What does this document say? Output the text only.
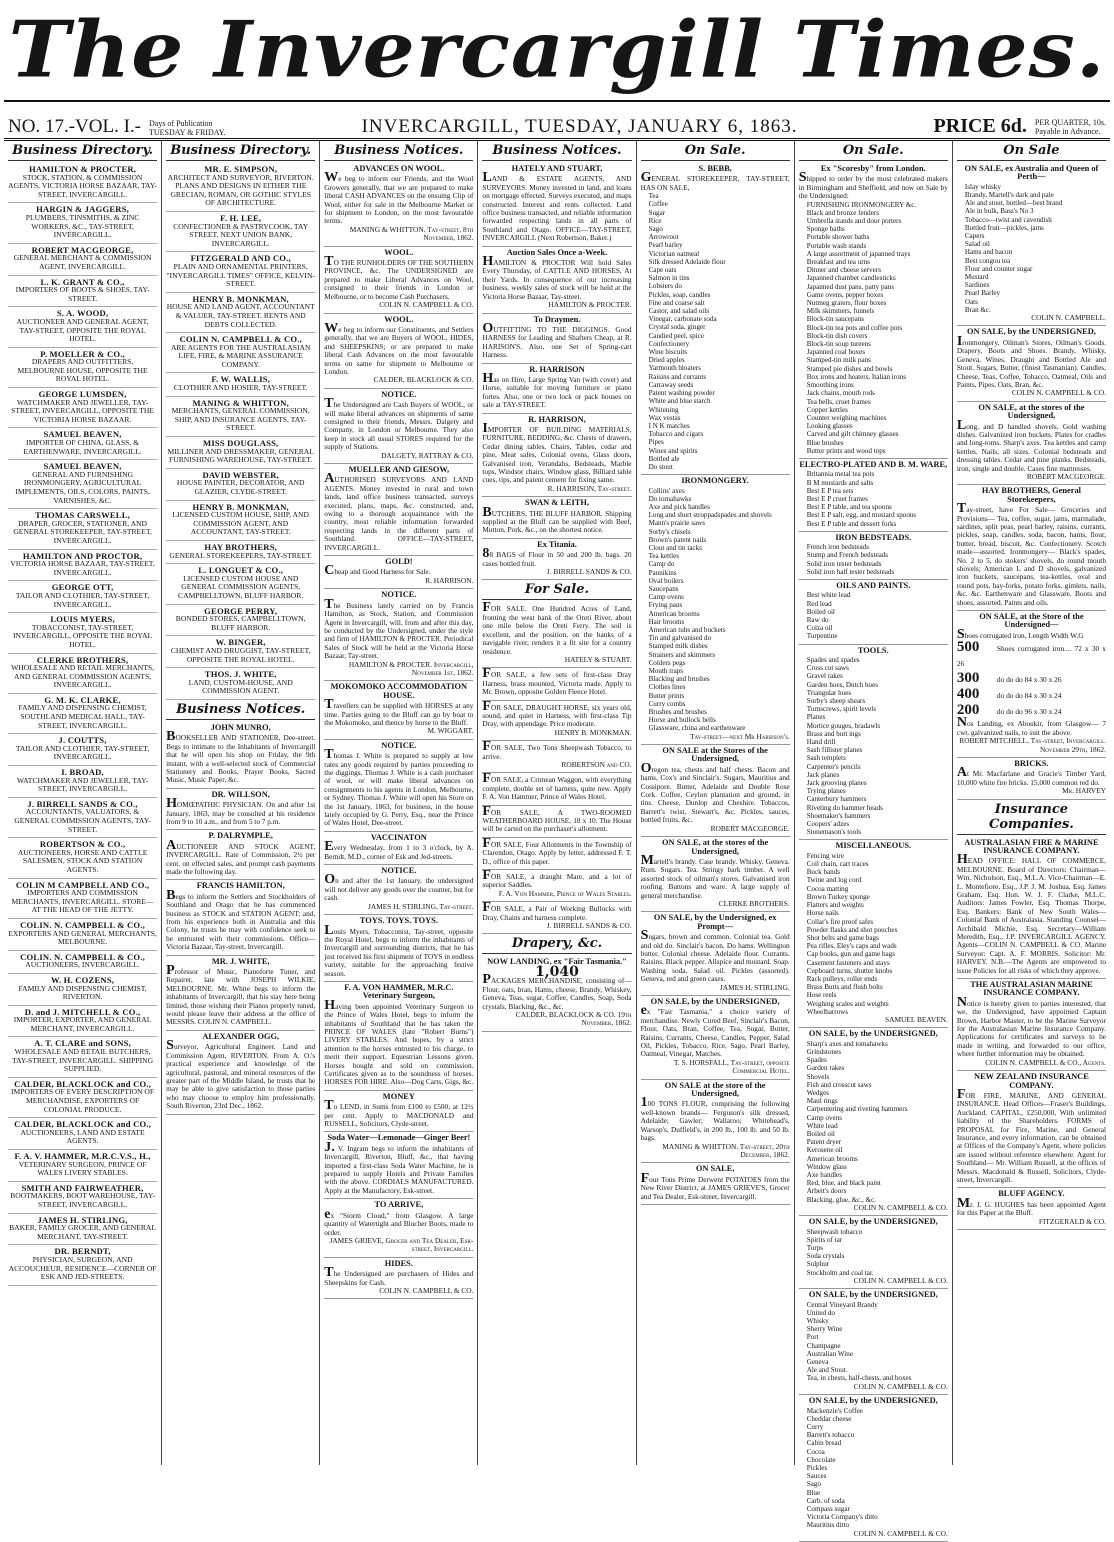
The Invercargill Times.
NO. 17.-VOL. I.- Days of Publication
TUESDAY & FRIDAY.	INVERCARGILL, TUESDAY, JANUARY 6, 1863.	PRICE 6d. PER QUARTER, 10s.
Payable in Advance.
Business Directory.
HAMILTON & PROCTER,
STOCK, STATION, & COMMISSION AGENTS, VICTORIA HORSE BAZAAR, TAY-STREET, INVERCARGILL.
HARGIN & JAGGERS,
PLUMBERS, TINSMITHS, & ZINC WORKERS, &C., TAY-STREET, INVERCARGILL.
ROBERT MACGEORGE,
GENERAL MERCHANT & COMMISSION AGENT, INVERCARGILL.
L. K. GRANT & CO.,
IMPORTERS OF BOOTS & SHOES, TAY-STREET.
S. A. WOOD,
AUCTIONEER AND GENERAL AGENT, TAY-STREET, OPPOSITE THE ROYAL HOTEL.
P. MOELLER & CO.,
DRAPERS AND OUTFITTERS, MELBOURNE HOUSE, OPPOSITE THE ROYAL HOTEL.
GEORGE LUMSDEN,
WATCHMAKER AND JEWELLER, TAY-STREET, INVERCARGILL, OPPOSITE THE VICTORIA HORSE BAZAAR.
SAMUEL BEAVEN,
IMPORTER OF CHINA, GLASS, & EARTHENWARE, INVERCARGILL.
SAMUEL BEAVEN,
GENERAL AND FURNISHING IRONMONGERY, AGRICULTURAL IMPLEMENTS, OILS, COLORS, PAINTS, VARNISHES, &C.
THOMAS CARSWELL,
DRAPER, GROCER, STATIONER, AND GENERAL STOREKEEPER, TAY-STREET, INVERCARGILL.
HAMILTON AND PROCTOR,
VICTORIA HORSE BAZAAR, TAY-STREET, INVERCARGILL.
GEORGE OTT,
TAILOR AND CLOTHIER, TAY-STREET, INVERCARGILL.
LOUIS MYERS,
TOBACCONIST, TAY-STREET, INVERCARGILL, OPPOSITE THE ROYAL HOTEL.
CLERKE BROTHERS,
WHOLESALE AND RETAIL MERCHANTS, AND GENERAL COMMISSION AGENTS, INVERCARGILL.
G. M. K. CLARKE,
FAMILY AND DISPENSING CHEMIST, SOUTHLAND MEDICAL HALL, TAY-STREET, INVERCARGILL.
J. COUTTS,
TAILOR AND CLOTHIER, TAY-STREET, INVERCARGILL.
I. BROAD,
WATCHMAKER AND JEWELLER, TAY-STREET, INVERCARGILL.
J. BIRRELL SANDS & CO.,
ACCOUNTANTS, VALUATORS, & GENERAL COMMISSION AGENTS, TAY-STREET.
ROBERTSON & CO.,
AUCTIONEERS, HORSE AND CATTLE SALESMEN, STOCK AND STATION AGENTS.
COLIN M CAMPBELL AND CO.,
IMPORTERS AND COMMISSION MERCHANTS, INVERCARGILL. STORE—AT THE HEAD OF THE JETTY.
COLIN. N. CAMPBELL & CO.,
EXPORTERS AND GENERAL MERCHANTS, MELBOURNE.
COLIN. N. CAMPBELL & CO.,
AUCTIONEERS, INVERCARGILL.
W. H. COZENS,
FAMILY AND DISPENSING CHEMIST, RIVERTON.
D. and J. MITCHELL & CO.,
IMPORTER, EXPORTER, AND GENERAL MERCHANT, INVERCARGILL.
A. T. CLARE and SONS,
WHOLESALE AND RETAIL BUTCHERS, TAY-STREET, INVERCARGILL. SHIPPING SUPPLIED.
CALDER, BLACKLOCK and CO.,
IMPORTERS OF EVERY DESCRIPTION OF MERCHANDISE, EXPORTERS OF COLONIAL PRODUCE.
CALDER, BLACKLOCK and CO.,
AUCTIONEERS, LAND AND ESTATE AGENTS.
F. A. V. HAMMER, M.R.C.V.S., H.,
VETERINARY SURGEON, PRINCE OF WALES LIVERY STABLES.
SMITH AND FAIRWEATHER,
BOOTMAKERS, BOOT WAREHOUSE, TAY-STREET, INVERCARGILL.
JAMES H. STIRLING,
BAKER, FAMILY GROCER, AND GENERAL MERCHANT, TAY-STREET.
DR. BERNDT,
PHYSICIAN, SURGEON, AND ACCOUCHEUR, RESIDENCE—CORNER OF ESK AND JED-STREETS.
Business Directory.
MR. E. SIMPSON,
ARCHITECT AND SURVEYOR, RIVERTON. PLANS AND DESIGNS IN EITHER THE GRECIAN, ROMAN, OR GOTHIC STYLES OF ARCHITECTURE.
F. H. LEE,
CONFECTIONER & PASTRYCOOK, TAY STREET, NEXT UNION BANK, INVERCARGILL.
FITZGERALD AND CO.,
PLAIN AND ORNAMENTAL PRINTERS, "INVERCARGILL TIMES" OFFICE, KELVIN-STREET.
HENRY B. MONKMAN,
HOUSE AND LAND AGENT, ACCOUNTANT & VALUER, TAY-STREET. RENTS AND DEBTS COLLECTED.
COLIN N. CAMPBELL & CO.,
ARE AGENTS FOR THE AUSTRALASIAN LIFE, FIRE, & MARINE ASSURANCE COMPANY.
F. W. WALLIS,
CLOTHIER AND HOSIER, TAY-STREET.
MANING & WHITTON,
MERCHANTS, GENERAL COMMISSION, SHIP, AND INSURANCE AGENTS, TAY-STREET.
MISS DOUGLASS,
MILLINER AND DRESSMAKER, GENERAL FURNISHING WAREHOUSE, TAY-STREET.
DAVID WEBSTER,
HOUSE PAINTER, DECORATOR, AND GLAZIER, CLYDE-STREET.
HENRY B. MONKMAN,
LICENSED CUSTOM HOUSE, SHIP, AND COMMISSION AGENT, AND ACCOUNTANT, TAY-STREET.
HAY BROTHERS,
GENERAL STOREKEEPERS, TAY-STREET.
L. LONGUET & CO.,
LICENSED CUSTOM HOUSE AND GENERAL COMMISSION AGENTS, CAMPBELLTOWN, BLUFF HARBOR.
GEORGE PERRY,
BONDED STORES, CAMPBELLTOWN, BLUFF HARBOR.
W. BINGER,
CHEMIST AND DRUGGIST, TAY-STREET, OPPOSITE THE ROYAL HOTEL.
THOS. J. WHITE,
LAND, CUSTOM-HOUSE, AND COMMISSION AGENT.
Business Notices.
JOHN MUNRO,
BOOKSELLER AND STATIONER, Dee-street. Begs to intimate to the Inhabitants of Invercargill that he will open his shop on Friday, the 9th instant, with a well-selected stock of Commercial Stationery and Books, Prayer Books, Sacred Music, Music Paper, &c.
DR. WILLSON,
HOMŒPATHIC PHYSICIAN. On and after 1st January, 1863, may be consulted at his residence from 9 to 10 a.m., and from 5 to 7 p.m.
P. DALRYMPLE,
AUCTIONEER AND STOCK AGENT, INVERCARGILL. Rate of Commission, 2½ per cent. on effected sales, and prompt cash payments made the following day.
FRANCIS HAMILTON,
Begs to inform the Settlers and Stockholders of Southland and Otago that he has commenced business as STOCK and STATION AGENT; and, from his experience both in Australia and this Colony, he trusts he may with confidence seek to be entrusted with their commissions. Office—Victoria Bazaar, Tay-street, Invercargill.
MR. J. WHITE,
Professor of Music, Pianoforte Tuner, and Repairer, late with JOSEPH WILKIE, MELBOURNE. Mr. White begs to inform the inhabitants of Invercargill, that his stay here being limited, those wishing their Pianos properly tuned, would please leave their address at the office of MESSRS. COLIN N. CAMPBELL.
ALEXANDER OGG,
Surveyor, Agricultural Engineer. Land and Commission Agent, RIVERTON. From A. O.'s practical experience and knowledge of the agricultural, pastoral, and mineral resources of the greater part of the Middle Island, he trusts that he may be able to give satisfaction to those parties who may choose to employ him professionally. South Riverton, 23rd Dec., 1862.
Business Notices.
ADVANCES ON WOOL.
We beg to inform our Friends, and the Wool Growers generally, that we are prepared to make liberal CASH ADVANCES on the ensuing Clip of Wool, either for sale in the Melbourne Market or for shipment to London, on the most favourable terms.
MANING & WHITTON. Tay-street, 8th November, 1862.
WOOL.
TO THE RUNHOLDERS OF THE SOUTHERN PROVINCE, &c. The UNDERSIGNED are prepared to make Liberal Advances on Wool, consigned to their friends in London or Melbourne, or to become Cash Purchasers.
COLIN N. CAMPBELL & CO.
WOOL.
We beg to inform our Constituents, and Settlers generally, that we are Buyers of WOOL, HIDES, and SHEEPSKINS; or are prepared to make liberal Cash Advances on the most favourable terms on same for shipment to Melbourne or London.
CALDER, BLACKLOCK & CO.
NOTICE.
The Undersigned are Cash Buyers of WOOL, or will make liberal advances on shipments of same consigned to their friends, Messrs. Dalgety and Company, in London or Melbourne. They also keep in stock all usual STORES required for the supply of Stations.
DALGETY, RATTRAY & CO.
MUELLER AND GIESOW,
AUTHORISED SURVEYORS AND LAND AGENTS. Money invested in rural and town lands, land office business transacted, surveys executed, plans, maps, &c. constructed, and, owing to a thorough acquaintance with the country, most reliable information forwarded respecting lands in the different parts of Southland. OFFICE—TAY-STREET, INVERCARGILL.
GOLD!
Cheap and Good Harness for Sale.
R. HARRISON.
NOTICE.
The Business lately carried on by Francis Hamilton, as Stock, Station, and Commission Agent in Invercargill, will, from and after this day, be conducted by the Undersigned, under the style and firm of HAMILTON & PROCTER. Periodical Sales of Stock will be held at the Victoria Horse Bazaar, Tay-street.
HAMILTON & PROCTER. Invercargill, November 1st, 1862.
MOKOMOKO ACCOMMODATION HOUSE.
Travellers can be supplied with HORSES at any time. Parties going to the Bluff can go by boat to the Mokomoko, and thence by horse to the Bluff.
M. WIGGART.
NOTICE.
Thomas J. White is prepared to supply at low rates any goods required by parties proceeding to the diggings. Thomas J. White is a cash purchaser of wool, or will make liberal advances on consignments to his agents in London, Melbourne, or Sydney. Thomas J. White will open his Store on the 1st January, 1863, for business, in the house lately occupied by G. Perry, Esq., near the Prince of Wales Hotel, Dee-street.
VACCINATON
Every Wednesday, from 1 to 3 o'clock, by A. Berndt, M.D., corner of Esk and Jed-streets.
NOTICE.
On and after the 1st January, the undersigned will not deliver any goods over the counter, but for cash.
JAMES H. STIRLING, Tay-street.
TOYS. TOYS. TOYS.
Louis Myers, Tobacconist, Tay-street, opposite the Royal Hotel, begs to inform the inhabitants of Invercargill and surrounding districts, that he has just received his first shipment of TOYS in endless variety, suitable for the approaching festive season.
F. A. VON HAMMER, M.R.C. Veterinary Surgeon,
Having been appointed Veterinary Surgeon to the Prince of Wales Hotel, begs to inform the inhabitants of Southland that he has taken the PRINCE OF WALES (late "Robert Burns") LIVERY STABLES. And hopes, by a strict attention to the horses entrusted to his charge, to merit their support. Equestrian Lessons given. Horses bought and sold on commission. Certificates given as to the soundness of horses. HORSES FOR HIRE. Also—Dog Carts, Gigs, &c.
MONEY
To LEND, in Sums from £100 to £500, at 12½ per cent. Apply to MACDONALD and RUSSELL, Solicitors, Clyde-street.
Soda Water—Lemonade—Ginger Beer!
J. V. Ingram begs to inform the inhabitants of Invercargill, Riverton, Bluff, &c., that having imported a first-class Soda Water Machine, he is prepared to supply Hotels and Private Families with the above. CORDIALS MANUFACTURED. Apply at the Manufactory, Esk-street.
TO ARRIVE,
ex "Storm Cloud," from Glasgow. A large quantity of Watertight and Blucher Boots, made to order.
JAMES GRIEVE, Grocer and Tea Dealer, Esk-street, Invercargill.
HIDES.
The Undersigned are purchasers of Hides and Sheepskins for Cash.
COLIN N. CAMPBELL & CO.
Business Notices.
HATELY AND STUART,
LAND & ESTATE AGENTS, AND SURVEYORS. Money invested in land, and loans on mortgage effected. Surveys executed, and maps constructed. Interest and rents collected. Land office business transacted, and reliable information forwarded respecting lands in all parts of Southland and Otago. OFFICE—TAY-STREET, INVERCARGILL (Next Robertson, Baker.)
Auction Sales Once a-Week.
HAMILTON & PROCTOR Will hold Sales Every Thursday, of CATTLE AND HORSES, At their Yards. In consequence of our increasing business, weekly sales of stock will be held at the Victoria Horse Bazaar, Tay-street.
HAMILTON & PROCTER.
To Draymen.
OUTFITTING TO THE DIGGINGS. Good HARNESS for Leading and Shafters Cheap, at R. HARISON'S. Also, one Set of Spring-cart Harness.
R. HARRISON
Has on Hire, Large Spring Van (with cover) and Horse, suitable for moving furniture or piano fortes. Also, one or two lock or pack houses on sale at TAY-STREET.
R. HARRISON,
IMPORTER OF BUILDING MATERIALS, FURNITURE, BEDDING, &c. Chests of drawers, Cedar dining tables, Chairs, Tables, cedar and pine, Meat safes, Colonial ovens, Glass doors, Galvanised iron, Verandahs, Bedsteads, Marble tops, Windsor chairs, Window glass, Billiard table cues, tips, and patent cement for fixing same.
R. HARRISON, Tay-street.
SWAN & LEITH,
BUTCHERS, THE BLUFF HARBOR. Shipping supplied at the Bluff can be supplied with Beef, Mutton, Pork, &c., on the shortest notice.
Ex Titania.
88 BAGS of Flour in 50 and 200 lb. bags. 20 cases bottled fruit.
J. BIRRELL SANDS & CO.
For Sale.
FOR SALE. One Hundred Acres of Land, fronting the west bank of the Oreti River, about one mile below the Oreti Ferry. The soil is excellent, and the position, on the banks of a navigable river, renders it a fit site for a country residence.
HATELY & STUART.
FOR SALE, a few sets of first-class Dray Harness, brass mounted, Victoria made. Apply to Mr. Brown, opposite Golden Fleece Hotel.
FOR SALE, DRAUGHT HORSE, six years old, sound, and quiet in Harness, with first-class Tip Dray, with appendage. Price moderate.
HENRY B. MONKMAN.
FOR SALE, Two Tons Sheepwash Tobacco, to arrive.
ROBERTSON and CO.
FOR SALE, a Crimean Waggon, with everything complete, double set of harness, quite new. Apply F. A. Von Hammer, Prince of Wales Hotel.
FOR SALE, A TWO-ROOMED WEATHERBOARD HOUSE, 18 x 10. The House will be carted on the purchaser's allotment.
FOR SALE, Four Allotments in the Township of Clarendon, Otago. Apply by letter, addressed F. T. D., office of this paper.
FOR SALE, a draught Mare, and a lot of superior Saddles.
F. A. Von Hammer, Prince of Wales Stables.
FOR SALE, a Pair of Working Bullocks with Dray, Chains and harness complete.
J. BIRRELL SANDS & CO.
Drapery, &c.
NOW LANDING, ex "Fair Tasmania."
1,040
PACKAGES MERCHANDISE, consisting of— Flour, oats, bran, Hams, cheese, Brandy, Whiskey, Geneva, Teas, sugar, Coffee, Candles, Soap, Soda crystals, Blacking, &c., &c.
CALDER, BLACKLOCK & CO. 19th November, 1862.
On Sale.
S. BEBB,
GENERAL STOREKEEPER, TAY-STREET, HAS ON SALE,
Tea
Coffee
Sugar
Rice
Sago
Arrowroot
Pearl barley
Victorian oatmeal
Silk dressed Adelaide flour
Cape oats
Salmon in tins
Lobsters do
Pickles, soap, candles
Fine and coarse salt
Castor, and salad oils
Vinegar, carbonate soda
Crystal soda, ginger
Candied peel, spice
Confectionery
Wine biscuits
Dried apples
Yarmouth bloaters
Raisins and currants
Carraway seeds
Patent washing powder
White and blue starch
Whitening
Wax vestas
I N K matches
Tobacco and cigars
Pipes
Wines and spirits
Bottled ale
Do stout
IRONMONGERY.
Collins' axes
Do tomahawks
Axe and pick handles
Long and short stroppadspades and shovels
Mann's prairie saws
Sorby's chisels
Brown's patent nails
Clout and tin tacks
Tea kettles
Camp do
Pannikins
Oval boilers
Saucepans
Camp ovens
Frying pans
American brooms
Hair brooms
American tubs and buckets
Tin and galvanised do
Stamped milk dishes
Strainers and skimmers
Colders pegs
Mouth traps
Blacking and brushes
Clothes lines
Butter prints
Curry combs
Brushes and brushes
Horse and bullock bells
Glassware, china and earthenware
Tay-street—next Mr Harrison's.
ON SALE at the Stores of the Undersigned,
Oregon tea, chests and half chests. Bacon and hams, Cox's and Sinclair's. Sugars, Mauritius and Cossipore. Butter, Adelaide and Double Rose Cork. Coffee, Ceylon plantation and ground, in tins. Cheese, Dunlop and Cheshire. Tobaccos, Barrett's twist, Stewart's, &c. Pickles, sauces, bottled fruits, &c.
ROBERT MACGEORGE.
ON SALE, at the stores of the Undersigned,
Martell's brandy. Case brandy. Whisky. Geneva. Rum. Sugars. Tea. Stringy bark timber. A well assorted stock of oilman's stores. Galvanised iron roofing. Buttons and ware. A large supply of general merchandise.
CLERKE BROTHERS.
ON SALE, by the Undersigned, ex Prompt—
Sugars, brown and common. Colonial tea. Gold and old do. Sinclair's bacon. Do hams. Wellington butter. Colonial cheese. Adelaide flour. Currants. Raisins. Black pepper. Allspice and mustard. Soap. Washing soda. Salad oil. Pickles (assorted). Geneva, red and green cases.
JAMES H. STIRLING.
ON SALE, by the UNDERSIGNED,
ex "Fair Tasmania," a choice variety of merchandise. Newly Cured Beef, Sinclair's Bacon, Flour, Oats, Bran, Coffee, Tea, Sugar, Butter, Raisins, Currants, Cheese, Candles, Pepper, Salad Oil, Pickles, Tobacco, Rice, Sago, Pearl Barley, Oatmeal, Vinegar, Matches.
T. S. HORSFALL, Tay-street, opposite Commercial Hotel.
ON SALE at the store of the Undersigned,
100 TONS FLOUR, comprising the following well-known brands— Ferguson's silk dressed, Adelaide; Gawler; Wallaroo; Whitehead's, Warsop's, Duffield's, in 200 lb., 100 lb. and 50 lb. bags.
MANING & WHITTON. Tay-street, 20th December, 1862.
ON SALE,
Four Tons Prime Derwent POTATOES from the New River District, at JAMES GRIEVE'S, Grocer and Tea Dealer, Esk-street, Invercargill.
On Sale.
Ex "Scoresby" from London.
Shipped to order by the most celebrated makers in Birmingham and Sheffield, and now on Sale by the Undersigned:
FURNISHING IRONMONGERY &c.
Black and bronze fenders
Umbrella stands and door porters
Sponge baths
Portable shower baths
Portable wash stands
A large assortment of japanned trays
Breakfast and tea urns
Dinner and cheese servers
Japanned chamber candlesticks
Japanned dust pans, patty pans
Game ovens, pepper boxes
Nutmeg graters, flour boxes
Milk skimmers, funnels
Block-tin saucepans
Block-tin tea pots and coffee pots
Block-tin dish covers
Block-tin soup tureens
Japanned coal boxes
Stamped-tin milk pans
Stamped pie dishes and bowls
Box irons and heaters, Italian irons
Smoothing irons
Jack chains, mouth rods
Tea bells, cruet frames
Copper kettles
Counter weighing machines
Looking glasses
Carved and gilt chimney glasses
Blue brushes
Butter prints and wood tops
ELECTRO-PLATED AND B. M. WARE,
Britannia metal tea pots
B M mustards and salts
Best E P tea sets
Best E P cruet frames
Best E P table, and tea spoons
Best E P salt, egg, and mustard spoons
Best E P table and dessert forks
IRON BEDSTEADS.
French iron bedsteads
Stump and French bedsteads
Solid iron tester bedsteads
Solid iron half tester bedsteads
OILS AND PAINTS.
Best white lead
Red lead
Boiled oil
Raw do
Colza oil
Turpentine
TOOLS.
Spades and spades
Cross cut saws
Gravel rakes
Garden hoes, Dutch hoes
Triangular hoes
Sorby's sheep shears
Turnscrews, spirit levels
Planes
Mortice gouges, bradawls
Brass and butt ings
Hand drill
Sash fillister planes
Sash templets
Carpenter's pencils
Jack planes
Jack grooving planes
Trying planes
Canterbury hammers
Riveting do hammer heads
Shoemaker's hammers
Coopers' adzes
Stonemason's tools
MISCELLANEOUS.
Fencing wire
Coil chain, cart traces
Buck bands
Twine and log cord
Cocoa matting
Brown Turkey sponge
Flatters and weights
Horse nails
Collar's fire proof safes
Powder flasks and shot pouches
Shot belts and game bags
Pea rifles, Eley's caps and wads
Cap books, gun and game bags
Casement fasteners and stays
Cupboard turns, shutter knobs
Rack pulleys, roller ends
Brass Butts and flush bolts
Hose reels
Weighing scales and weights
Wheelbarrows
SAMUEL BEAVEN.
ON SALE, by the UNDERSIGNED,
Sharp's axes and tomahawks
Grindstones
Spades
Garden rakes
Shovels
Fish and crosscut saws
Wedges
Maul rings
Carpentering and riveting hammers
Camp ovens
White lead
Boiled oil
Patent dryer
Kerosene oil
American brooms
Window glass
Axe handles
Red, blue, and black paint
Arbeit's doors
Blacking, glue, &c., &c.
COLIN N. CAMPBELL & CO.
ON SALE, by the UNDERSIGNED,
Sheepwash tobacco
Spirits of tar
Turps
Soda crystals
Sulphur
Stockholm and coal tar.
COLIN N. CAMPBELL & CO.
ON SALE, by the UNDERSIGNED,
Central Vineyard Brandy
United do
Whisky
Sherry Wine
Port
Champagne
Australian Wine
Geneva
Ale and Stout.
Tea, in chests, half-chests, and boxes
COLIN N. CAMPBELL & CO.
ON SALE, by the UNDERSIGNED,
Mackenzie's Coffee
Cheddar cheese
Curry
Barrett's tobacco
Cabin bread
Cocoa
Chocolate
Pickles
Sauces
Sago
Blue
Carb. of soda
Compass sugar
Victoria Company's ditto
Mauritius ditto
COLIN N. CAMPBELL & CO.
On Sale
ON SALE, ex Australia and Queen of Perth—
Islay whisky
Brandy, Martell's dark and pale
Ale and stout, bottled—best brand
Ale in bulk, Bass's No 3
Tobacco—twist and cavendish
Bottled fruit—pickles, jams
Capers
Salad oil
Hams and bacon
Best congou tea
Flour and counter sugar
Mustard
Sardines
Pearl Barley
Oats
Bran &c.
COLIN N. CAMPBELL.
ON SALE, by the UNDERSIGNED,
Ironmongery, Oilman's Stores, Oilman's Goods. Drapery, Boots and Shoes. Brandy, Whisky, Geneva, Wines. Draught and Bottled Ale and Stout. Sugars, Butter, (finest Tasmanian). Candles, Cheese, Teas, Coffee, Tobacco, Oatmeal, Oils and Paints, Pipes, Oats, Bran, &c.
COLIN N. CAMPBELL & CO.
ON SALE, at the stores of the Undersigned,
Long, and D handled shovels. Gold washing dishes. Galvanized iron buckets. Plates for cradles and long-toms. Sharp's axes. Tea kettles and camp kettles. Nails, all sizes. Colonial bedsteads and dressing tables. Cedar and pine planks. Bedsteads, iron, single and double. Cases fine mattresses.
ROBERT MACGEORGE.
HAY BROTHERS, General Storekeepers,
Tay-street, have For Sale— Groceries and Provisions— Tea, coffee, sugar, jams, marmalade, sardines, split peas, pearl barley, raisins, currants, pickles, soap, candles, soda, bacon, hams, flour, butter, bread, biscuit, &c. Confectionery. Scotch made—assorted. Ironmongery— Black's spades, No. 2 to 5, do stokers' shovels, do round mouth shovels; American L and D shovels, galvanized iron buckets, saucepans, tea-kettles, oval and round pots, hay-forks, potato forks, gimlets, nails, &c. &c. Earthenware and Glassware. Boots and shoes, assorted. Paints and oils.
ON SALE, at the Store of the Undersigned—
Shoes corrugated iron, Length Width W.G
500 Shoes corrugated iron.... 72 x 30 x 26
300 do do do 84 x 30 x 26
400 do do do 84 x 30 x 24
200 do do do 96 x 30 x 24
Nos Landing, ex Aboukir, from Glasgow— 7 cwt. galvanized nails, to suit the above.
ROBERT MITCHELL, Tay-street, Invercargill. November 29th, 1862.
BRICKS.
At Mr. Macfarlane and Gracie's Timber Yard, 10,000 white fire bricks. 15,000 common red do.
Mr. HARVEY
Insurance Companies.
AUSTRALASIAN FIRE & MARINE INSURANCE COMPANY.
HEAD OFFICE: HALL OF COMMERCE, MELBOURNE. Board of Directors: Chairman—Wm. Nicholson, Esq., M.L.A. Vice-Chairman—E. L. Montefiore, Esq., J.P. J. M. Joshua, Esq. James Graham, Esq. Hon. W. J. F. Clarke, M.L.C. Auditors: James Fowler, Esq. Thomas Thorpe, Esq. Bankers: Bank of New South Wales—Colonial Bank of Australasia. Standing Counsel—Archibald Michie, Esq. Secretary—William Meredith, Esq., J.P. INVERCARGILL AGENCY. Agents—COLIN N. CAMPBELL & CO. Marine Surveyor: Capt. A. F. MORRIS. Solicitor: Mr. HARVEY. N.B.—The Agents are empowered to issue Policies for all risks of which they approve.
THE AUSTRALASIAN MARINE INSURANCE COMPANY.
Notice is hereby given to parties interested, that we, the Undersigned, have appointed Captain Brown, Harbor Master, to be the Marine Surveyor for the Australasian Marine Insurance Company. Applications for certificates and surveys to be made in writing, and forwarded to our office, where further information may be obtained.
COLIN N. CAMPBELL & CO., Agents.
NEW ZEALAND INSURANCE COMPANY.
FOR FIRE, MARINE, AND GENERAL INSURANCE. Head Offices—Fraser's Buildings, Auckland. CAPITAL, £250,000, With unlimited liability of the Shareholders. FORMS of PROPOSAL for Fire, Marine, and General Insurance, and every information, can be obtained at Offices of the Company's Agent, where policies are issued without reference elsewhere. Agent for Southland— Mr. William Russell, at the offices of Messrs. Macdonald & Russell, Solicitors, Clyde-street, Invercargill.
BLUFF AGENCY.
Mr. J. G. HUGHES has been appointed Agent for this Paper at the Bluff.
FITZGERALD & CO.
